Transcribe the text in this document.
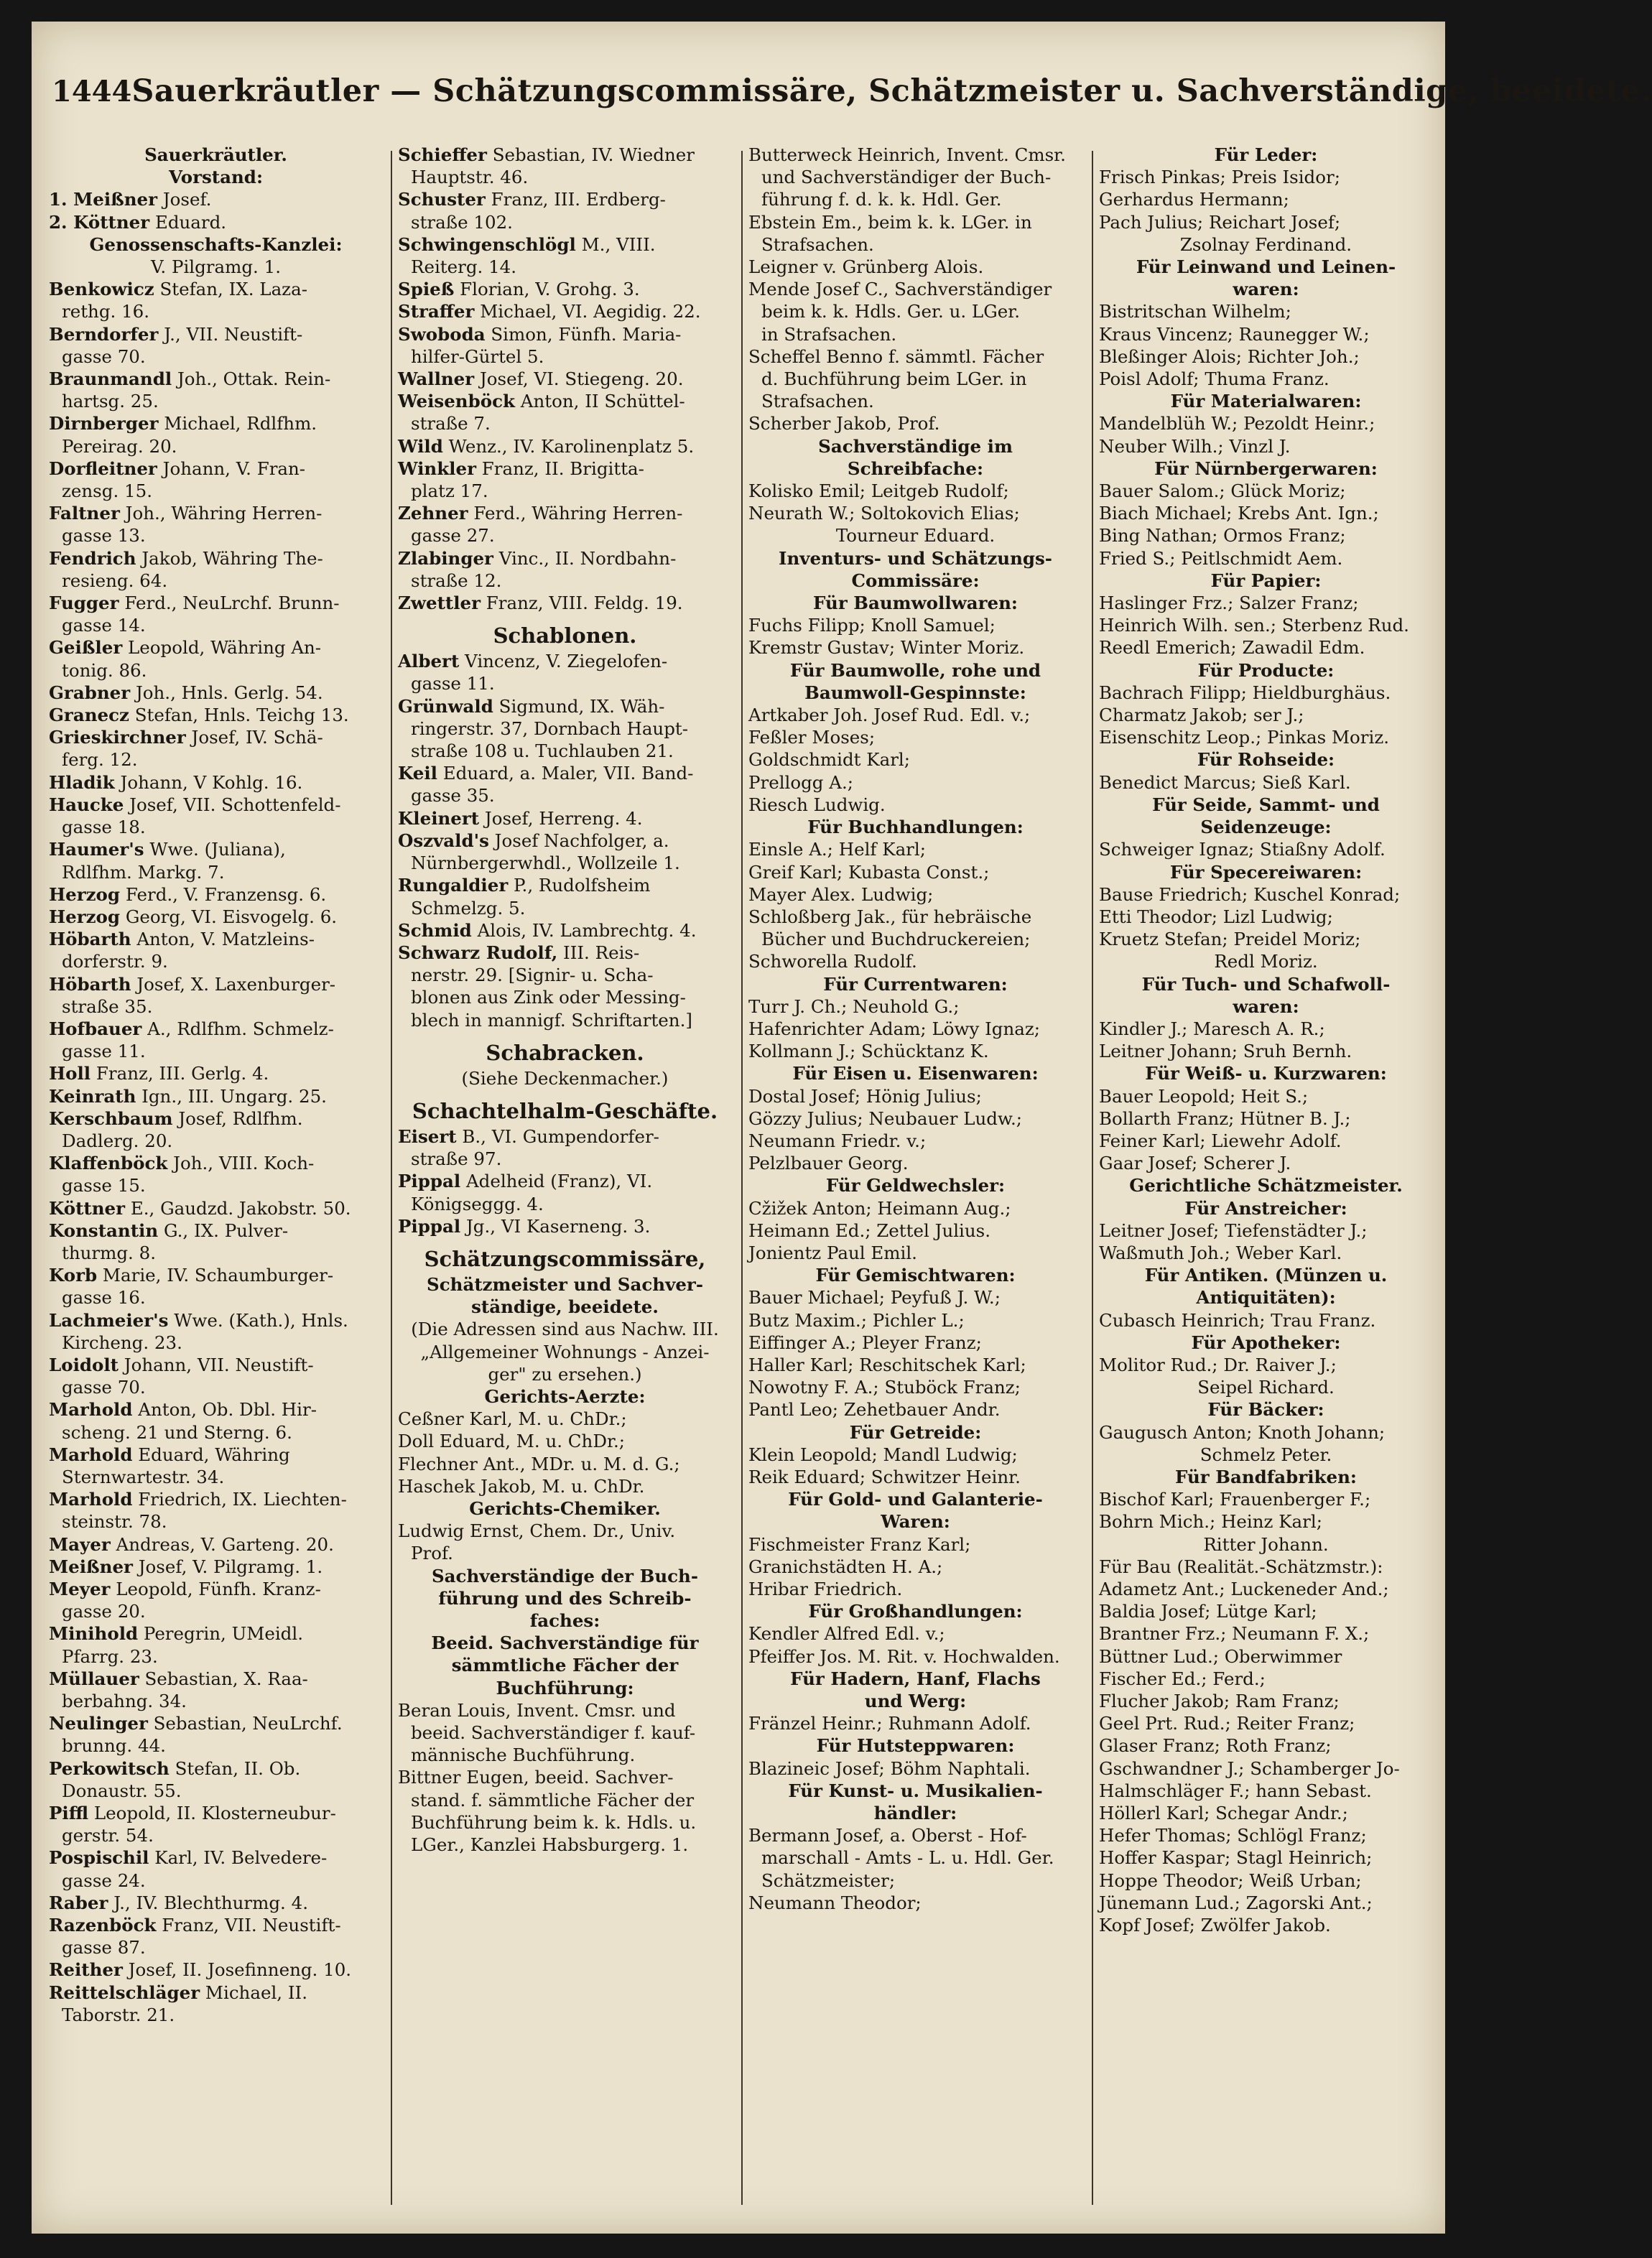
1444 Sauerkräutler — Schätzungscommissäre, Schätzmeister u. Sachverständige, beeidete.
Sauerkräutler.
Vorstand:
1. Meißner Josef.
2. Köttner Eduard.
Genossenschafts-Kanzlei:
V. Pilgramg. 1.
Benkowicz Stefan, IX. Laza-
rethg. 16.
Berndorfer J., VII. Neustift-
gasse 70.
Braunmandl Joh., Ottak. Rein-
hartsg. 25.
Dirnberger Michael, Rdlfhm.
Pereirag. 20.
Dorfleitner Johann, V. Fran-
zensg. 15.
Faltner Joh., Währing Herren-
gasse 13.
Fendrich Jakob, Währing The-
resieng. 64.
Fugger Ferd., NeuLrchf. Brunn-
gasse 14.
Geißler Leopold, Währing An-
tonig. 86.
Grabner Joh., Hnls. Gerlg. 54.
Granecz Stefan, Hnls. Teichg 13.
Grieskirchner Josef, IV. Schä-
ferg. 12.
Hladik Johann, V Kohlg. 16.
Haucke Josef, VII. Schottenfeld-
gasse 18.
Haumer's Wwe. (Juliana),
Rdlfhm. Markg. 7.
Herzog Ferd., V. Franzensg. 6.
Herzog Georg, VI. Eisvogelg. 6.
Höbarth Anton, V. Matzleins-
dorferstr. 9.
Höbarth Josef, X. Laxenburger-
straße 35.
Hofbauer A., Rdlfhm. Schmelz-
gasse 11.
Holl Franz, III. Gerlg. 4.
Keinrath Ign., III. Ungarg. 25.
Kerschbaum Josef, Rdlfhm.
Dadlerg. 20.
Klaffenböck Joh., VIII. Koch-
gasse 15.
Köttner E., Gaudzd. Jakobstr. 50.
Konstantin G., IX. Pulver-
thurmg. 8.
Korb Marie, IV. Schaumburger-
gasse 16.
Lachmeier's Wwe. (Kath.), Hnls.
Kircheng. 23.
Loidolt Johann, VII. Neustift-
gasse 70.
Marhold Anton, Ob. Dbl. Hir-
scheng. 21 und Sterng. 6.
Marhold Eduard, Währing
Sternwartestr. 34.
Marhold Friedrich, IX. Liechten-
steinstr. 78.
Mayer Andreas, V. Garteng. 20.
Meißner Josef, V. Pilgramg. 1.
Meyer Leopold, Fünfh. Kranz-
gasse 20.
Minihold Peregrin, UMeidl.
Pfarrg. 23.
Müllauer Sebastian, X. Raa-
berbahng. 34.
Neulinger Sebastian, NeuLrchf.
brunng. 44.
Perkowitsch Stefan, II. Ob.
Donaustr. 55.
Piffl Leopold, II. Klosterneubur-
gerstr. 54.
Pospischil Karl, IV. Belvedere-
gasse 24.
Raber J., IV. Blechthurmg. 4.
Razenböck Franz, VII. Neustift-
gasse 87.
Reither Josef, II. Josefinneng. 10.
Reittelschläger Michael, II.
Taborstr. 21.
Schieffer Sebastian, IV. Wiedner
Hauptstr. 46.
Schuster Franz, III. Erdberg-
straße 102.
Schwingenschlögl M., VIII.
Reiterg. 14.
Spieß Florian, V. Grohg. 3.
Straffer Michael, VI. Aegidig. 22.
Swoboda Simon, Fünfh. Maria-
hilfer-Gürtel 5.
Wallner Josef, VI. Stiegeng. 20.
Weisenböck Anton, II Schüttel-
straße 7.
Wild Wenz., IV. Karolinenplatz 5.
Winkler Franz, II. Brigitta-
platz 17.
Zehner Ferd., Währing Herren-
gasse 27.
Zlabinger Vinc., II. Nordbahn-
straße 12.
Zwettler Franz, VIII. Feldg. 19.
Schablonen.
Albert Vincenz, V. Ziegelofen-
gasse 11.
Grünwald Sigmund, IX. Wäh-
ringerstr. 37, Dornbach Haupt-
straße 108 u. Tuchlauben 21.
Keil Eduard, a. Maler, VII. Band-
gasse 35.
Kleinert Josef, Herreng. 4.
Oszvald's Josef Nachfolger, a.
Nürnbergerwhdl., Wollzeile 1.
Rungaldier P., Rudolfsheim
Schmelzg. 5.
Schmid Alois, IV. Lambrechtg. 4.
Schwarz Rudolf, III. Reis-
nerstr. 29. [Signir- u. Scha-
blonen aus Zink oder Messing-
blech in mannigf. Schriftarten.]
Schabracken.
(Siehe Deckenmacher.)
Schachtelhalm-Geschäfte.
Eisert B., VI. Gumpendorfer-
straße 97.
Pippal Adelheid (Franz), VI.
Königseggg. 4.
Pippal Jg., VI Kaserneng. 3.
Schätzungscommissäre,
Schätzmeister und Sachver-
ständige, beeidete.
(Die Adressen sind aus Nachw. III.
„Allgemeiner Wohnungs - Anzei-
ger" zu ersehen.)
Gerichts-Aerzte:
Ceßner Karl, M. u. ChDr.;
Doll Eduard, M. u. ChDr.;
Flechner Ant., MDr. u. M. d. G.;
Haschek Jakob, M. u. ChDr.
Gerichts-Chemiker.
Ludwig Ernst, Chem. Dr., Univ.
Prof.
Sachverständige der Buch-
führung und des Schreib-
faches:
Beeid. Sachverständige für
sämmtliche Fächer der
Buchführung:
Beran Louis, Invent. Cmsr. und
beeid. Sachverständiger f. kauf-
männische Buchführung.
Bittner Eugen, beeid. Sachver-
stand. f. sämmtliche Fächer der
Buchführung beim k. k. Hdls. u.
LGer., Kanzlei Habsburgerg. 1.
Butterweck Heinrich, Invent. Cmsr.
und Sachverständiger der Buch-
führung f. d. k. k. Hdl. Ger.
Ebstein Em., beim k. k. LGer. in
Strafsachen.
Leigner v. Grünberg Alois.
Mende Josef C., Sachverständiger
beim k. k. Hdls. Ger. u. LGer.
in Strafsachen.
Scheffel Benno f. sämmtl. Fächer
d. Buchführung beim LGer. in
Strafsachen.
Scherber Jakob, Prof.
Sachverständige im
Schreibfache:
Kolisko Emil; Leitgeb Rudolf;
Neurath W.; Soltokovich Elias;
Tourneur Eduard.
Inventurs- und Schätzungs-
Commissäre:
Für Baumwollwaren:
Fuchs Filipp; Knoll Samuel;
Kremstr Gustav; Winter Moriz.
Für Baumwolle, rohe und
Baumwoll-Gespinnste:
Artkaber Joh. Josef Rud. Edl. v.;
Feßler Moses;
Goldschmidt Karl;
Prellogg A.;
Riesch Ludwig.
Für Buchhandlungen:
Einsle A.; Helf Karl;
Greif Karl; Kubasta Const.;
Mayer Alex. Ludwig;
Schloßberg Jak., für hebräische
Bücher und Buchdruckereien;
Schworella Rudolf.
Für Currentwaren:
Turr J. Ch.; Neuhold G.;
Hafenrichter Adam; Löwy Ignaz;
Kollmann J.; Schücktanz K.
Für Eisen u. Eisenwaren:
Dostal Josef; Hönig Julius;
Gözzy Julius; Neubauer Ludw.;
Neumann Friedr. v.;
Pelzlbauer Georg.
Für Geldwechsler:
Cžižek Anton; Heimann Aug.;
Heimann Ed.; Zettel Julius.
Jonientz Paul Emil.
Für Gemischtwaren:
Bauer Michael; Peyfuß J. W.;
Butz Maxim.; Pichler L.;
Eiffinger A.; Pleyer Franz;
Haller Karl; Reschitschek Karl;
Nowotny F. A.; Stuböck Franz;
Pantl Leo; Zehetbauer Andr.
Für Getreide:
Klein Leopold; Mandl Ludwig;
Reik Eduard; Schwitzer Heinr.
Für Gold- und Galanterie-
Waren:
Fischmeister Franz Karl;
Granichstädten H. A.;
Hribar Friedrich.
Für Großhandlungen:
Kendler Alfred Edl. v.;
Pfeiffer Jos. M. Rit. v. Hochwalden.
Für Hadern, Hanf, Flachs
und Werg:
Fränzel Heinr.; Ruhmann Adolf.
Für Hutsteppwaren:
Blazineic Josef; Böhm Naphtali.
Für Kunst- u. Musikalien-
händler:
Bermann Josef, a. Oberst - Hof-
marschall - Amts - L. u. Hdl. Ger.
Schätzmeister;
Neumann Theodor;
Für Leder:
Frisch Pinkas; Preis Isidor;
Gerhardus Hermann;
Pach Julius; Reichart Josef;
Zsolnay Ferdinand.
Für Leinwand und Leinen-
waren:
Bistritschan Wilhelm;
Kraus Vincenz; Raunegger W.;
Bleßinger Alois; Richter Joh.;
Poisl Adolf; Thuma Franz.
Für Materialwaren:
Mandelblüh W.; Pezoldt Heinr.;
Neuber Wilh.; Vinzl J.
Für Nürnbergerwaren:
Bauer Salom.; Glück Moriz;
Biach Michael; Krebs Ant. Ign.;
Bing Nathan; Ormos Franz;
Fried S.; Peitlschmidt Aem.
Für Papier:
Haslinger Frz.; Salzer Franz;
Heinrich Wilh. sen.; Sterbenz Rud.
Reedl Emerich; Zawadil Edm.
Für Producte:
Bachrach Filipp; Hieldburghäus.
Charmatz Jakob; ser J.;
Eisenschitz Leop.; Pinkas Moriz.
Für Rohseide:
Benedict Marcus; Sieß Karl.
Für Seide, Sammt- und
Seidenzeuge:
Schweiger Ignaz; Stiaßny Adolf.
Für Specereiwaren:
Bause Friedrich; Kuschel Konrad;
Etti Theodor; Lizl Ludwig;
Kruetz Stefan; Preidel Moriz;
Redl Moriz.
Für Tuch- und Schafwoll-
waren:
Kindler J.; Maresch A. R.;
Leitner Johann; Sruh Bernh.
Für Weiß- u. Kurzwaren:
Bauer Leopold; Heit S.;
Bollarth Franz; Hütner B. J.;
Feiner Karl; Liewehr Adolf.
Gaar Josef; Scherer J.
Gerichtliche Schätzmeister.
Für Anstreicher:
Leitner Josef; Tiefenstädter J.;
Waßmuth Joh.; Weber Karl.
Für Antiken. (Münzen u.
Antiquitäten):
Cubasch Heinrich; Trau Franz.
Für Apotheker:
Molitor Rud.; Dr. Raiver J.;
Seipel Richard.
Für Bäcker:
Gaugusch Anton; Knoth Johann;
Schmelz Peter.
Für Bandfabriken:
Bischof Karl; Frauenberger F.;
Bohrn Mich.; Heinz Karl;
Ritter Johann.
Für Bau (Realität.-Schätzmstr.):
Adametz Ant.; Luckeneder And.;
Baldia Josef; Lütge Karl;
Brantner Frz.; Neumann F. X.;
Büttner Lud.; Oberwimmer
Fischer Ed.; Ferd.;
Flucher Jakob; Ram Franz;
Geel Prt. Rud.; Reiter Franz;
Glaser Franz; Roth Franz;
Gschwandner J.; Schamberger Jo-
Halmschläger F.; hann Sebast.
Höllerl Karl; Schegar Andr.;
Hefer Thomas; Schlögl Franz;
Hoffer Kaspar; Stagl Heinrich;
Hoppe Theodor; Weiß Urban;
Jünemann Lud.; Zagorski Ant.;
Kopf Josef; Zwölfer Jakob.
